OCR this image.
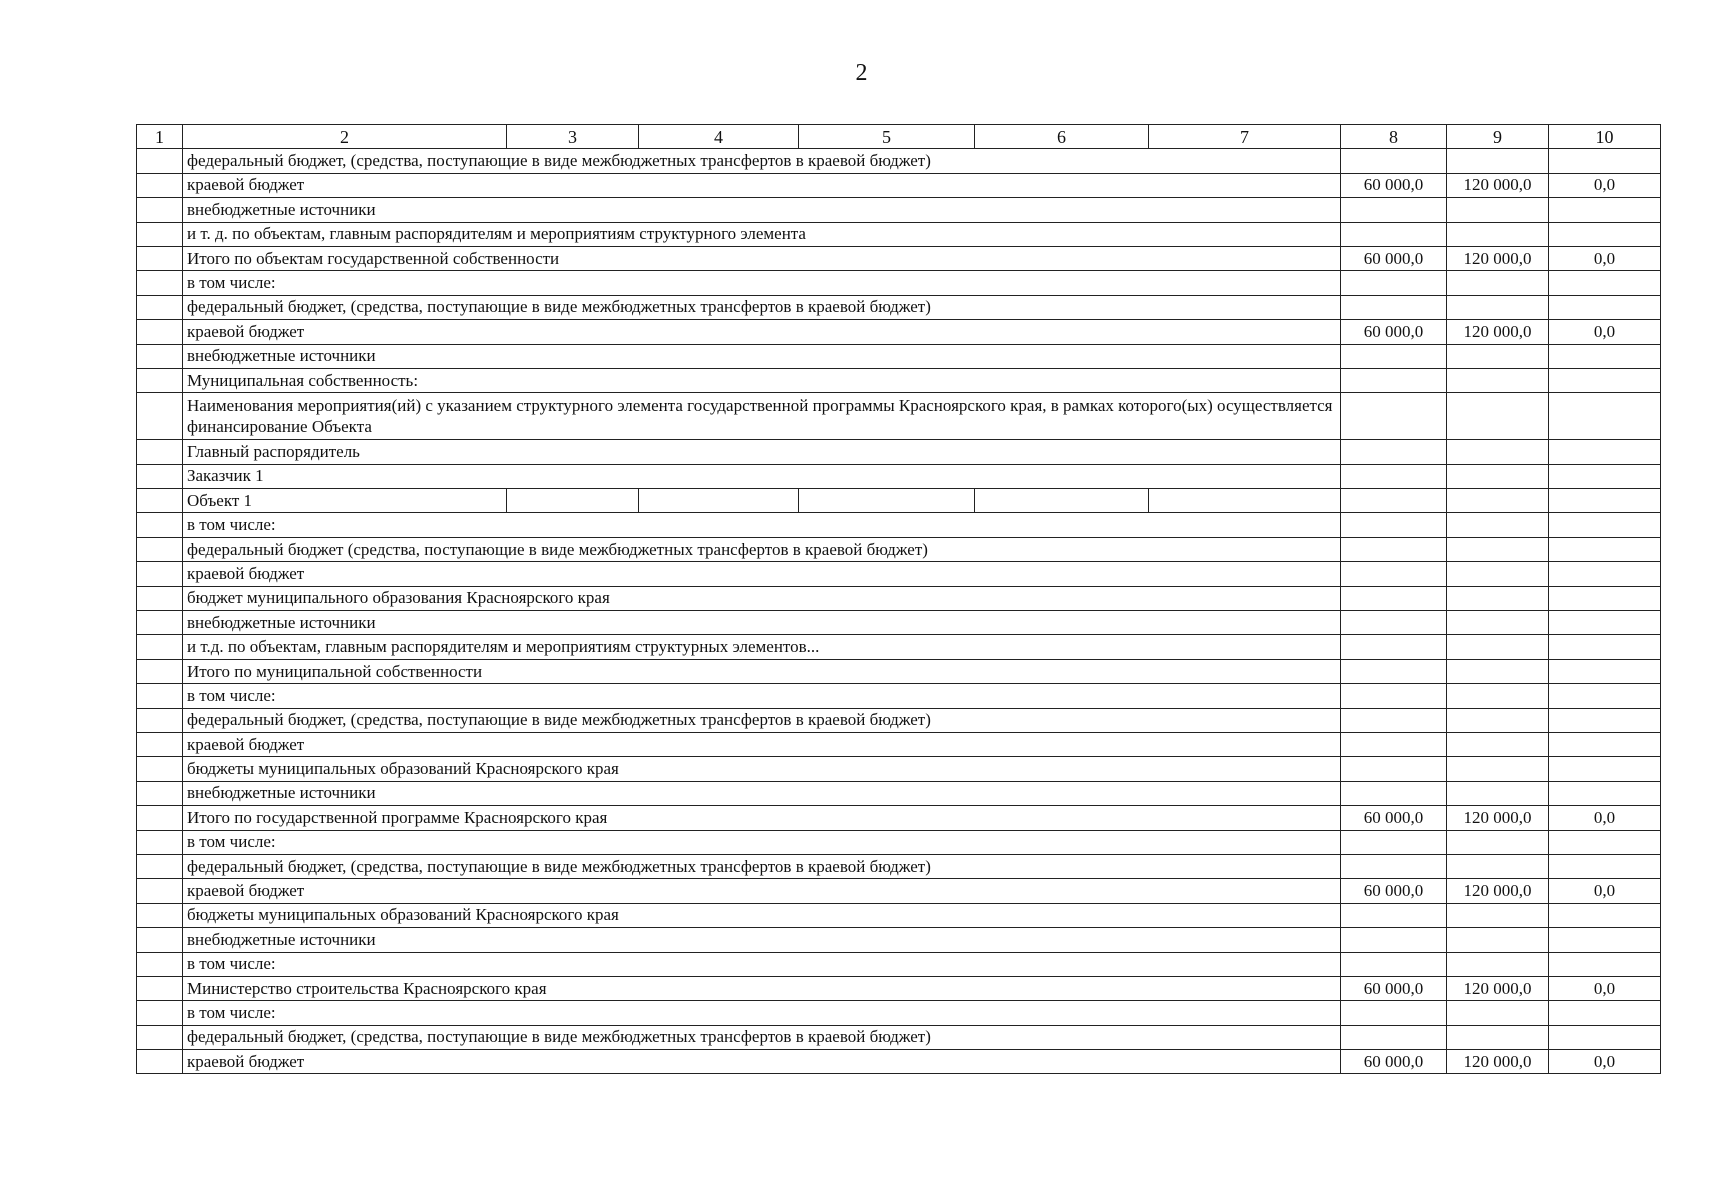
2
1	2	3	4	5	6	7	8	9	10
	федеральный бюджет, (средства, поступающие в виде межбюджетных трансфертов в краевой бюджет)								
	краевой бюджет						60 000,0	120 000,0	0,0
	внебюджетные источники								
	и т. д. по объектам, главным распорядителям и мероприятиям структурного элемента								
	Итого по объектам государственной собственности						60 000,0	120 000,0	0,0
	в том числе:								
	федеральный бюджет, (средства, поступающие в виде межбюджетных трансфертов в краевой бюджет)								
	краевой бюджет						60 000,0	120 000,0	0,0
	внебюджетные источники								
	Муниципальная собственность:								
	Наименования мероприятия(ий) с указанием структурного элемента государственной программы Красноярского края, в рамках которого(ых) осуществляется финансирование Объекта								
	Главный распорядитель								
	Заказчик 1								
	Объект 1								
	в том числе:								
	федеральный бюджет (средства, поступающие в виде межбюджетных трансфертов в краевой бюджет)								
	краевой бюджет								
	бюджет муниципального образования Красноярского края								
	внебюджетные источники								
	и т.д. по объектам, главным распорядителям и мероприятиям структурных элементов...								
	Итого по муниципальной собственности								
	в том числе:								
	федеральный бюджет, (средства, поступающие в виде межбюджетных трансфертов в краевой бюджет)								
	краевой бюджет								
	бюджеты муниципальных образований Красноярского края								
	внебюджетные источники								
	Итого по государственной программе Красноярского края						60 000,0	120 000,0	0,0
	в том числе:								
	федеральный бюджет, (средства, поступающие в виде межбюджетных трансфертов в краевой бюджет)								
	краевой бюджет						60 000,0	120 000,0	0,0
	бюджеты муниципальных образований Красноярского края								
	внебюджетные источники								
	в том числе:								
	Министерство строительства Красноярского края						60 000,0	120 000,0	0,0
	в том числе:								
	федеральный бюджет, (средства, поступающие в виде межбюджетных трансфертов в краевой бюджет)								
	краевой бюджет						60 000,0	120 000,0	0,0
